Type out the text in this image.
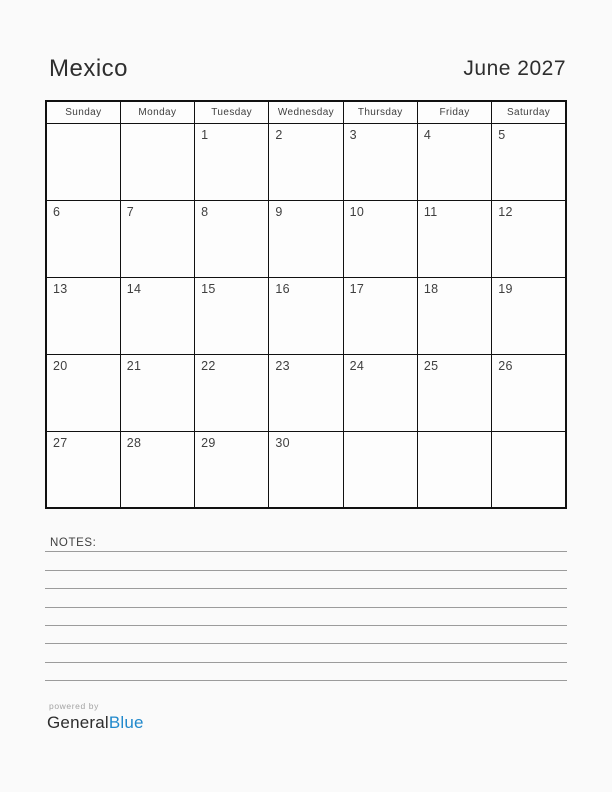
Mexico	June 2027
Sunday	Monday	Tuesday	Wednesday	Thursday	Friday	Saturday
		1	2	3	4	5
6	7	8	9	10	11	12
13	14	15	16	17	18	19
20	21	22	23	24	25	26
27	28	29	30			
NOTES:
powered by
GeneralBlue
